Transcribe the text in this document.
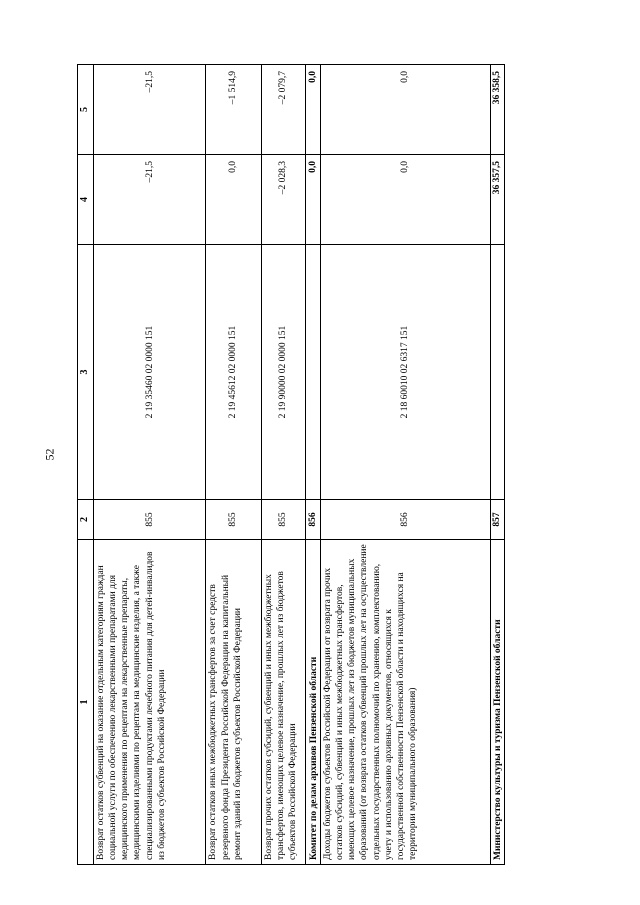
52
1	2	3	4	5
Возврат остатков субвенций на оказание отдельным категориям граждан социальной услуги по обеспечению лекарственными препаратами для медицинского применения по рецептам на лекарственные препараты, медицинскими изделиями по рецептам на медицинские изделия, а также специализированными продуктами лечебного питания для детей-инвалидов из бюджетов субъектов Российской Федерации	855	2 19 35460 02 0000 151	–21,5	–21,5
Возврат остатков иных межбюджетных трансфертов за счет средств резервного фонда Президента Российской Федерации на капитальный ремонт зданий из бюджетов субъектов Российской Федерации	855	2 19 45612 02 0000 151	0,0	–1 514,9
Возврат прочих остатков субсидий, субвенций и иных межбюджетных трансфертов, имеющих целевое назначение, прошлых лет из бюджетов субъектов Российской Федерации	855	2 19 90000 02 0000 151	–2 028,3	–2 079,7
Комитет по делам архивов Пензенской области	856		0,0	0,0
Доходы бюджетов субъектов Российской Федерации от возврата прочих остатков субсидий, субвенций и иных межбюджетных трансфертов, имеющих целевое назначение, прошлых лет из бюджетов муниципальных образований (от возврата остатков субвенций прошлых лет на осуществление отдельных государственных полномочий по хранению, комплектованию, учету и использованию архивных документов, относящихся к государственной собственности Пензенской области и находящихся на территории муниципального образования)	856	2 18 60010 02 6317 151	0,0	0,0
Министерство культуры и туризма Пензенской области	857		36 357,5	36 358,5
